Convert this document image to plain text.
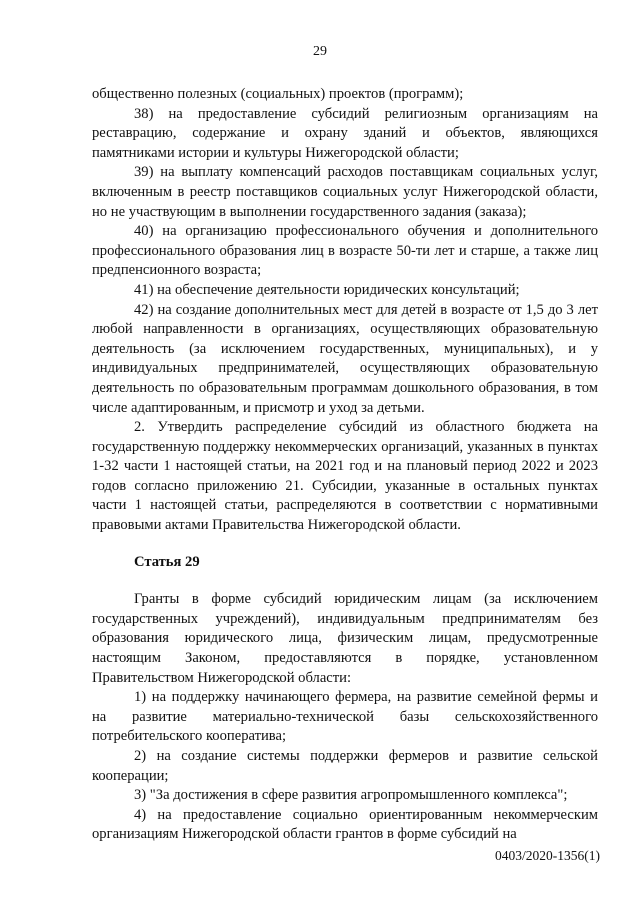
29

общественно полезных (социальных) проектов (программ);

38) на предоставление субсидий религиозным организациям на реставрацию, содержание и охрану зданий и объектов, являющихся памятниками истории и культуры Нижегородской области;

39) на выплату компенсаций расходов поставщикам социальных услуг, включенным в реестр поставщиков социальных услуг Нижегородской области, но не участвующим в выполнении государственного задания (заказа);

40) на организацию профессионального обучения и дополнительного профессионального образования лиц в возрасте 50-ти лет и старше, а также лиц предпенсионного возраста;

41) на обеспечение деятельности юридических консультаций;

42) на создание дополнительных мест для детей в возрасте от 1,5 до 3 лет любой направленности в организациях, осуществляющих образовательную деятельность (за исключением государственных, муниципальных), и у индивидуальных предпринимателей, осуществляющих образовательную деятельность по образовательным программам дошкольного образования, в том числе адаптированным, и присмотр и уход за детьми.

2. Утвердить распределение субсидий из областного бюджета на государственную поддержку некоммерческих организаций, указанных в пунктах 1-32 части 1 настоящей статьи, на 2021 год и на плановый период 2022 и 2023 годов согласно приложению 21. Субсидии, указанные в остальных пунктах части 1 настоящей статьи, распределяются в соответствии с нормативными правовыми актами Правительства Нижегородской области.

Статья 29

Гранты в форме субсидий юридическим лицам (за исключением государственных учреждений), индивидуальным предпринимателям без образования юридического лица, физическим лицам, предусмотренные настоящим Законом, предоставляются в порядке, установленном Правительством Нижегородской области:

1) на поддержку начинающего фермера, на развитие семейной фермы и на развитие материально-технической базы сельскохозяйственного потребительского кооператива;

2) на создание системы поддержки фермеров и развитие сельской кооперации;

3) "За достижения в сфере развития агропромышленного комплекса";

4) на предоставление социально ориентированным некоммерческим организациям Нижегородской области грантов в форме субсидий на

0403/2020-1356(1)
